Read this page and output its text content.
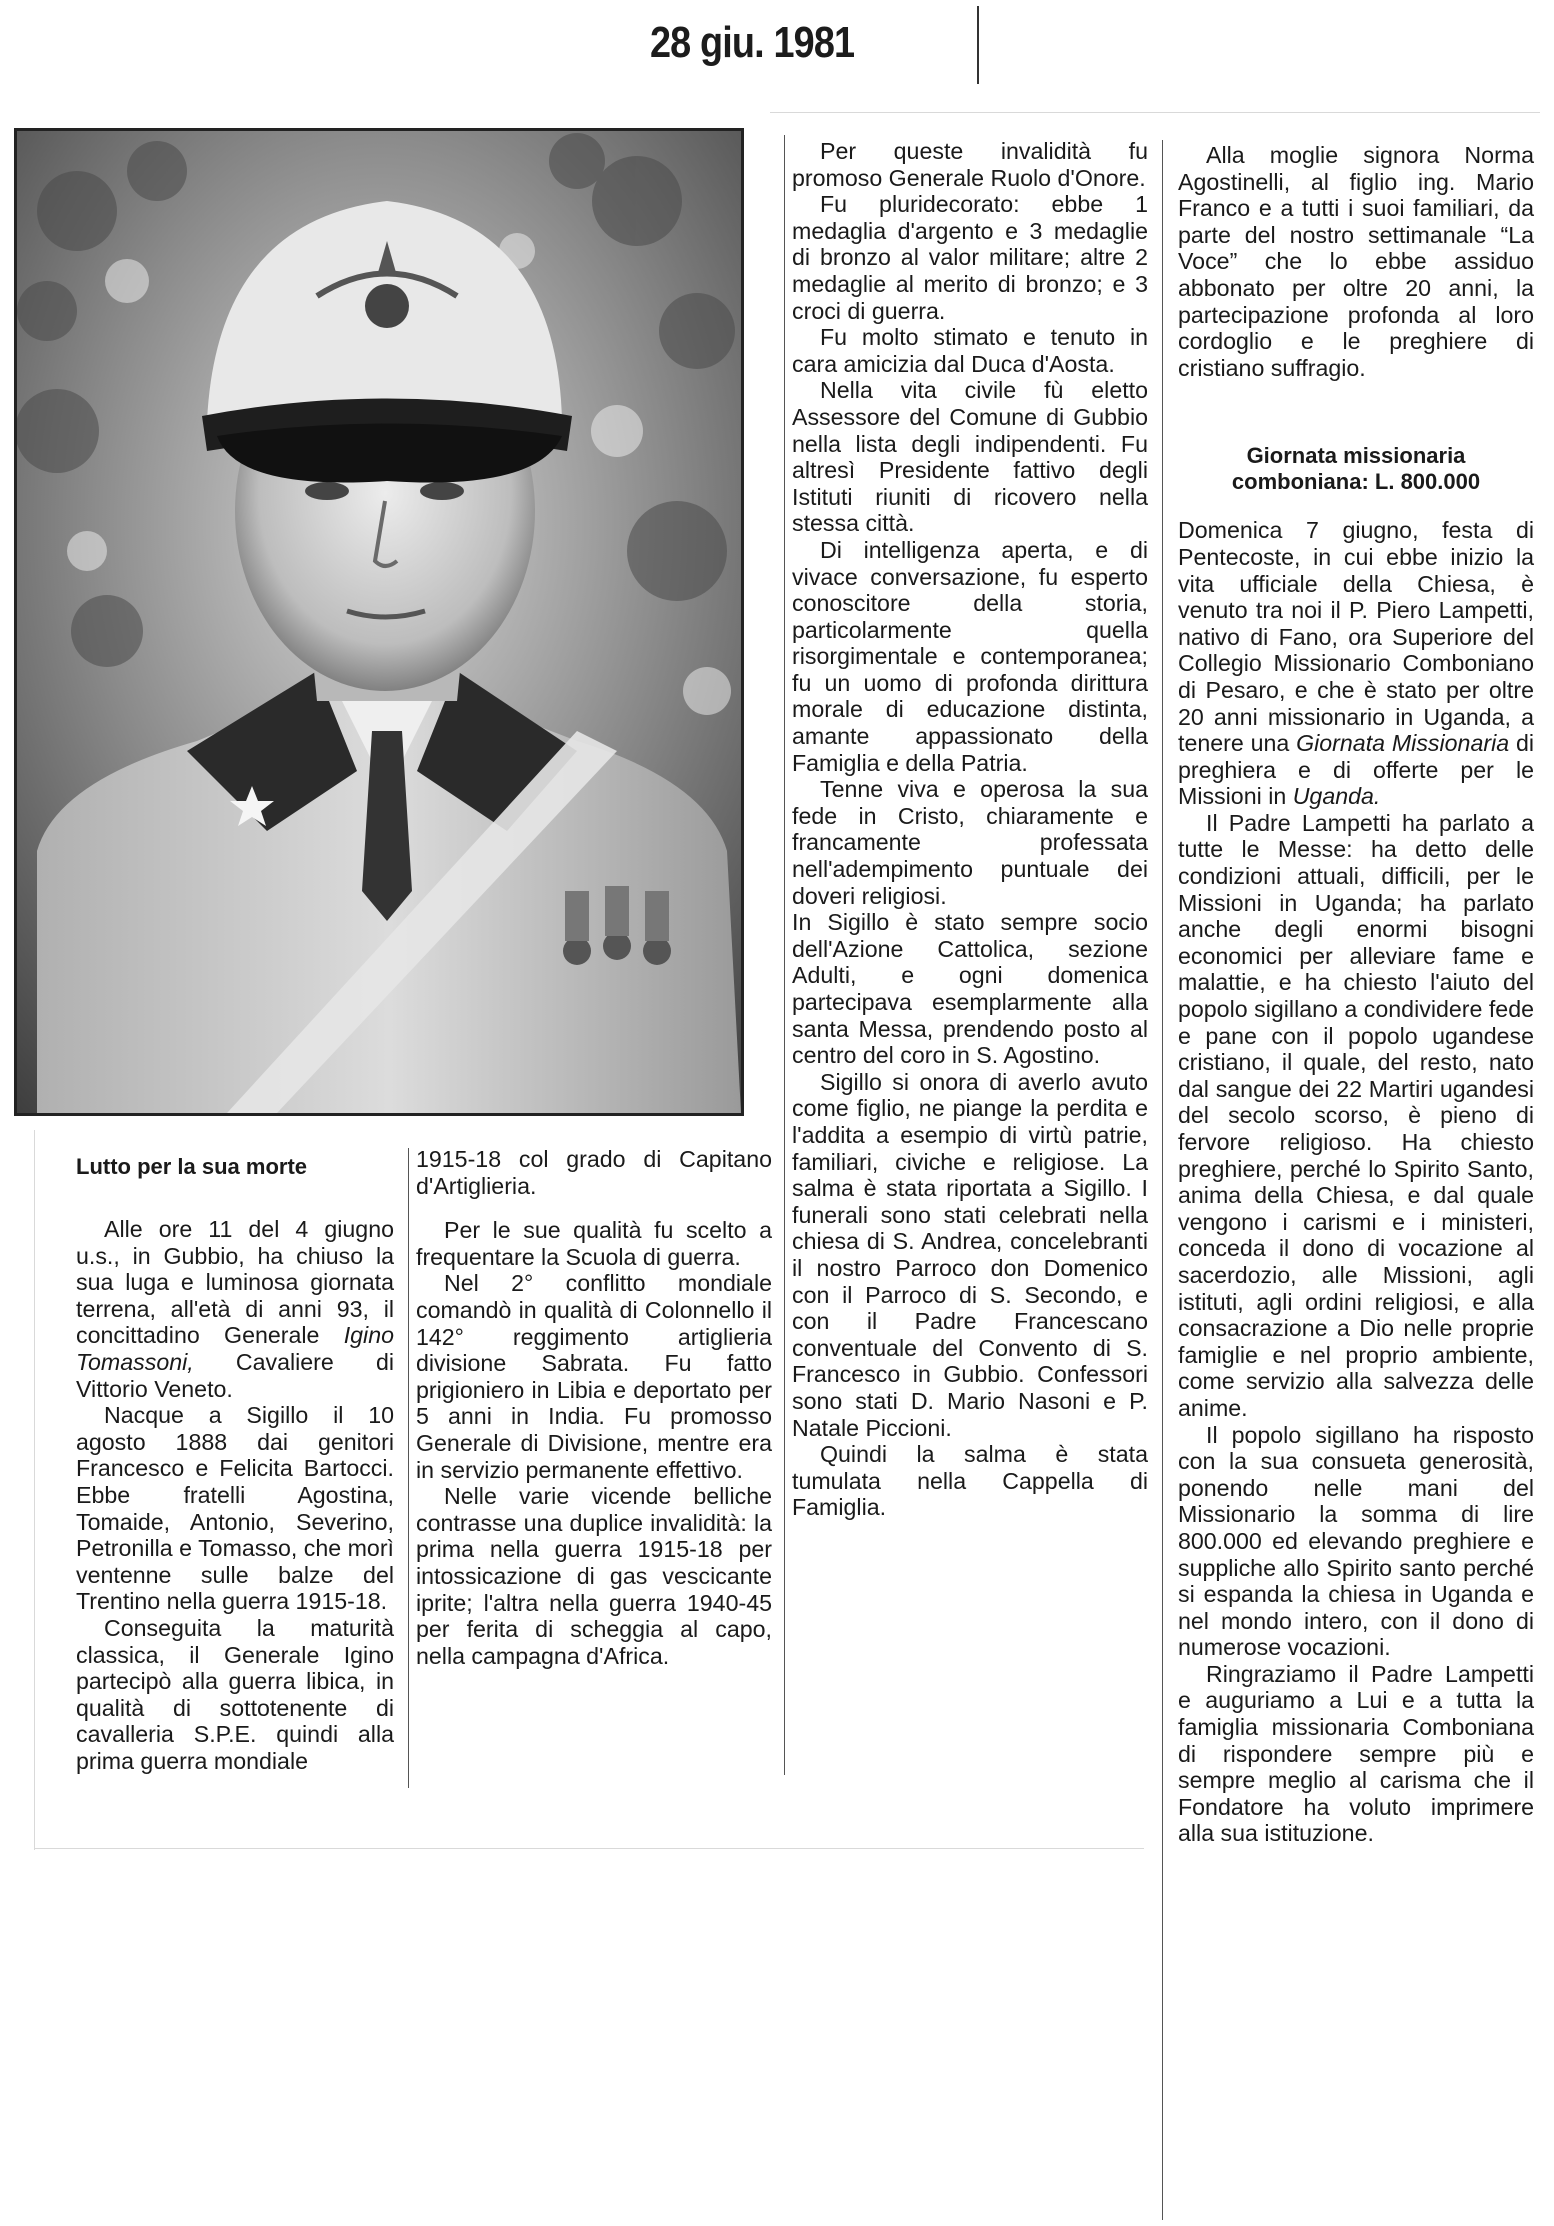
28 giu. 1981
Lutto per la sua morte

Alle ore 11 del 4 giugno u.s., in Gubbio, ha chiuso la sua luga e luminosa giornata terrena, all'età di anni 93, il concittadino Generale Igino Tomassoni, Cavaliere di Vittorio Veneto.

Nacque a Sigillo il 10 agosto 1888 dai genitori Francesco e Felicita Bartocci. Ebbe fratelli Agostina, Tomaide, Antonio, Severino, Petronilla e Tomasso, che morì ventenne sulle balze del Trentino nella guerra 1915-18.

Conseguita la maturità classica, il Generale Igino partecipò alla guerra libica, in qualità di sottotenente di cavalleria S.P.E. quindi alla prima guerra mondiale

1915-18 col grado di Capitano d'Artiglieria.

Per le sue qualità fu scelto a frequentare la Scuola di guerra.

Nel 2° conflitto mondiale comandò in qualità di Colonnello il 142° reggimento artiglieria divisione Sabrata. Fu fatto prigioniero in Libia e deportato per 5 anni in India. Fu promosso Generale di Divisione, mentre era in servizio permanente effettivo.

Nelle varie vicende belliche contrasse una duplice invalidità: la prima nella guerra 1915-18 per intossicazione di gas vescicante iprite; l'altra nella guerra 1940-45 per ferita di scheggia al capo, nella campagna d'Africa.

Per queste invalidità fu promoso Generale Ruolo d'Onore.

Fu pluridecorato: ebbe 1 medaglia d'argento e 3 medaglie di bronzo al valor militare; altre 2 medaglie al merito di bronzo; e 3 croci di guerra.

Fu molto stimato e tenuto in cara amicizia dal Duca d'Aosta.

Nella vita civile fù eletto Assessore del Comune di Gubbio nella lista degli indipendenti. Fu altresì Presidente fattivo degli Istituti riuniti di ricovero nella stessa città.

Di intelligenza aperta, e di vivace conversazione, fu esperto conoscitore della storia, particolarmente quella risorgimentale e contemporanea; fu un uomo di profonda dirittura morale di educazione distinta, amante appassionato della Famiglia e della Patria.

Tenne viva e operosa la sua fede in Cristo, chiaramente e francamente professata nell'adempimento puntuale dei doveri religiosi.

In Sigillo è stato sempre socio dell'Azione Cattolica, sezione Adulti, e ogni domenica partecipava esemplarmente alla santa Messa, prendendo posto al centro del coro in S. Agostino.

Sigillo si onora di averlo avuto come figlio, ne piange la perdita e l'addita a esempio di virtù patrie, familiari, civiche e religiose. La salma è stata riportata a Sigillo. I funerali sono stati celebrati nella chiesa di S. Andrea, concelebranti il nostro Parroco don Domenico con il Parroco di S. Secondo, e con il Padre Francescano conventuale del Convento di S. Francesco in Gubbio. Confessori sono stati D. Mario Nasoni e P. Natale Piccioni.

Quindi la salma è stata tumulata nella Cappella di Famiglia.

Alla moglie signora Norma Agostinelli, al figlio ing. Mario Franco e a tutti i suoi familiari, da parte del nostro settimanale “La Voce” che lo ebbe assiduo abbonato per oltre 20 anni, la partecipazione profonda al loro cordoglio e le preghiere di cristiano suffragio.

Giornata missionaria comboniana: L. 800.000

Domenica 7 giugno, festa di Pentecoste, in cui ebbe inizio la vita ufficiale della Chiesa, è venuto tra noi il P. Piero Lampetti, nativo di Fano, ora Superiore del Collegio Missionario Comboniano di Pesaro, e che è stato per oltre 20 anni missionario in Uganda, a tenere una Giornata Missionaria di preghiera e di offerte per le Missioni in Uganda.

Il Padre Lampetti ha parlato a tutte le Messe: ha detto delle condizioni attuali, difficili, per le Missioni in Uganda; ha parlato anche degli enormi bisogni economici per alleviare fame e malattie, e ha chiesto l'aiuto del popolo sigillano a condividere fede e pane con il popolo ugandese cristiano, il quale, del resto, nato dal sangue dei 22 Martiri ugandesi del secolo scorso, è pieno di fervore religioso. Ha chiesto preghiere, perché lo Spirito Santo, anima della Chiesa, e dal quale vengono i carismi e i ministeri, conceda il dono di vocazione al sacerdozio, alle Missioni, agli istituti, agli ordini religiosi, e alla consacrazione a Dio nelle proprie famiglie e nel proprio ambiente, come servizio alla salvezza delle anime.

Il popolo sigillano ha risposto con la sua consueta generosità, ponendo nelle mani del Missionario la somma di lire 800.000 ed elevando preghiere e suppliche allo Spirito santo perché si espanda la chiesa in Uganda e nel mondo intero, con il dono di numerose vocazioni.

Ringraziamo il Padre Lampetti e auguriamo a Lui e a tutta la famiglia missionaria Comboniana di rispondere sempre più e sempre meglio al carisma che il Fondatore ha voluto imprimere alla sua istituzione.
